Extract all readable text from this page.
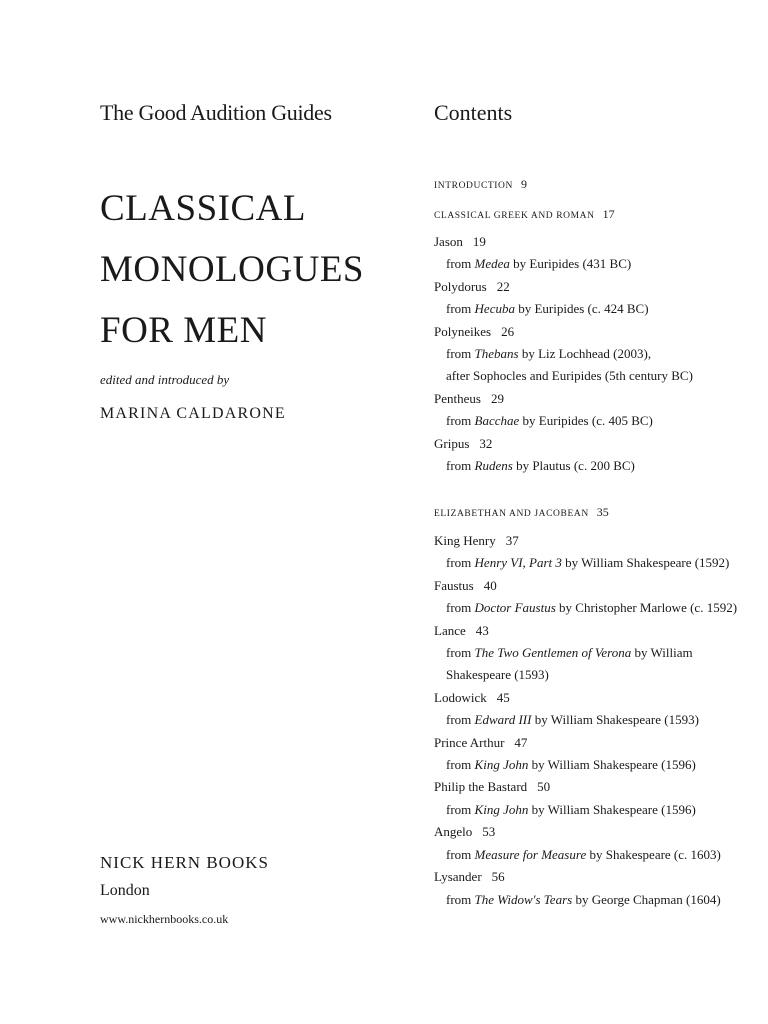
The Good Audition Guides
CLASSICAL
MONOLOGUES
FOR MEN
edited and introduced by
MARINA CALDARONE
NICK HERN BOOKS
London
www.nickhernbooks.co.uk
Contents
INTRODUCTION 9
CLASSICAL GREEK AND ROMAN 17
Jason 19
from Medea by Euripides (431 BC)
Polydorus 22
from Hecuba by Euripides (c. 424 BC)
Polyneikes 26
from Thebans by Liz Lochhead (2003),
after Sophocles and Euripides (5th century BC)
Pentheus 29
from Bacchae by Euripides (c. 405 BC)
Gripus 32
from Rudens by Plautus (c. 200 BC)
ELIZABETHAN AND JACOBEAN 35
King Henry 37
from Henry VI, Part 3 by William Shakespeare (1592)
Faustus 40
from Doctor Faustus by Christopher Marlowe (c. 1592)
Lance 43
from The Two Gentlemen of Verona by William
Shakespeare (1593)
Lodowick 45
from Edward III by William Shakespeare (1593)
Prince Arthur 47
from King John by William Shakespeare (1596)
Philip the Bastard 50
from King John by William Shakespeare (1596)
Angelo 53
from Measure for Measure by Shakespeare (c. 1603)
Lysander 56
from The Widow's Tears by George Chapman (1604)
